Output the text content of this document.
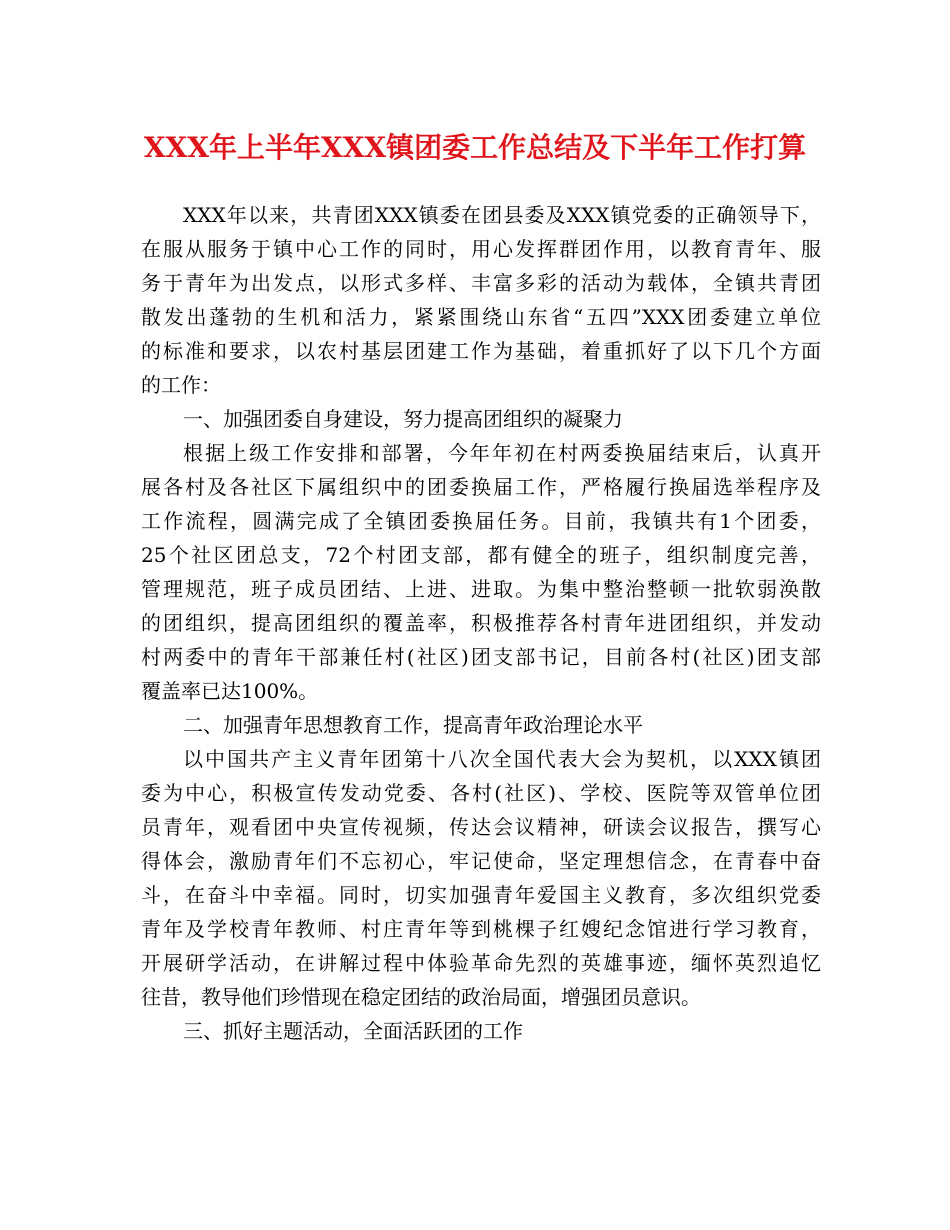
XXX年上半年XXX镇团委工作总结及下半年工作打算
XXX年以来，共青团XXX镇委在团县委及XXX镇党委的正确领导下，
在服从服务于镇中心工作的同时，用心发挥群团作用，以教育青年、服
务于青年为出发点，以形式多样、丰富多彩的活动为载体，全镇共青团
散发出蓬勃的生机和活力，紧紧围绕山东省“五四”XXX团委建立单位
的标准和要求，以农村基层团建工作为基础，着重抓好了以下几个方面
的工作：
一、加强团委自身建设，努力提高团组织的凝聚力
根据上级工作安排和部署，今年年初在村两委换届结束后，认真开
展各村及各社区下属组织中的团委换届工作，严格履行换届选举程序及
工作流程，圆满完成了全镇团委换届任务。目前，我镇共有1个团委，
25个社区团总支，72个村团支部，都有健全的班子，组织制度完善，
管理规范，班子成员团结、上进、进取。为集中整治整顿一批软弱涣散
的团组织，提高团组织的覆盖率，积极推荐各村青年进团组织，并发动
村两委中的青年干部兼任村(社区)团支部书记，目前各村(社区)团支部
覆盖率已达100%。
二、加强青年思想教育工作，提高青年政治理论水平
以中国共产主义青年团第十八次全国代表大会为契机，以XXX镇团
委为中心，积极宣传发动党委、各村(社区)、学校、医院等双管单位团
员青年，观看团中央宣传视频，传达会议精神，研读会议报告，撰写心
得体会，激励青年们不忘初心，牢记使命，坚定理想信念，在青春中奋
斗，在奋斗中幸福。同时，切实加强青年爱国主义教育，多次组织党委
青年及学校青年教师、村庄青年等到桃棵子红嫂纪念馆进行学习教育，
开展研学活动，在讲解过程中体验革命先烈的英雄事迹，缅怀英烈追忆
往昔，教导他们珍惜现在稳定团结的政治局面，增强团员意识。
三、抓好主题活动，全面活跃团的工作
